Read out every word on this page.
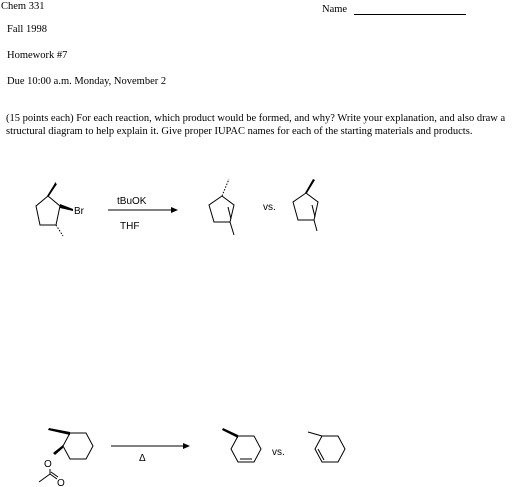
Chem 331	Name
Fall 1998
Homework #7
Due 10:00 a.m. Monday, November 2
(15 points each) For each reaction, which product would be formed, and why? Write your explanation, and also draw a structural diagram to help explain it. Give proper IUPAC names for each of the starting materials and products.
Br
tBuOK
THF
vs.
O
O
Δ
vs.
